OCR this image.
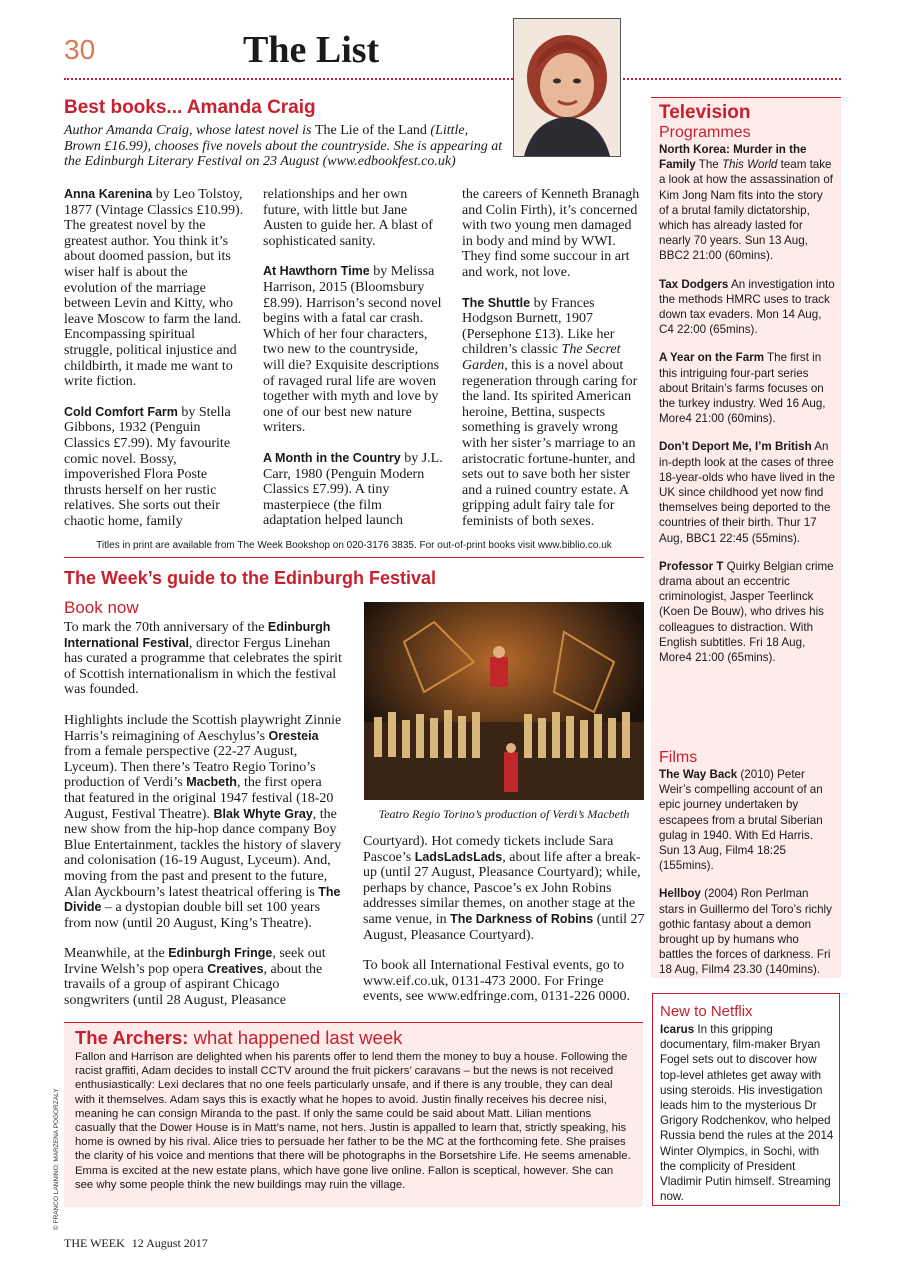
30	The List
Best books... Amanda Craig
Author Amanda Craig, whose latest novel is The Lie of the Land (Little, Brown £16.99), chooses five novels about the countryside. She is appearing at the Edinburgh Literary Festival on 23 August (www.edbookfest.co.uk)

Anna Karenina by Leo Tolstoy, 1877 (Vintage Classics £10.99). The greatest novel by the greatest author. You think it’s about doomed passion, but its wiser half is about the evolution of the marriage between Levin and Kitty, who leave Moscow to farm the land. Encompassing spiritual struggle, political injustice and childbirth, it made me want to write fiction.

Cold Comfort Farm by Stella Gibbons, 1932 (Penguin Classics £7.99). My favourite comic novel. Bossy, impoverished Flora Poste thrusts herself on her rustic relatives. She sorts out their chaotic home, family

relationships and her own future, with little but Jane Austen to guide her. A blast of sophisticated sanity.

At Hawthorn Time by Melissa Harrison, 2015 (Bloomsbury £8.99). Harrison’s second novel begins with a fatal car crash. Which of her four characters, two new to the countryside, will die? Exquisite descriptions of ravaged rural life are woven together with myth and love by one of our best new nature writers.

A Month in the Country by J.L. Carr, 1980 (Penguin Modern Classics £7.99). A tiny masterpiece (the film adaptation helped launch

the careers of Kenneth Branagh and Colin Firth), it’s concerned with two young men damaged in body and mind by WWI. They find some succour in art and work, not love.

The Shuttle by Frances Hodgson Burnett, 1907 (Persephone £13). Like her children’s classic The Secret Garden, this is a novel about regeneration through caring for the land. Its spirited American heroine, Bettina, suspects something is gravely wrong with her sister’s marriage to an aristocratic fortune-hunter, and sets out to save both her sister and a ruined country estate. A gripping adult fairy tale for feminists of both sexes.

Titles in print are available from The Week Bookshop on 020-3176 3835. For out-of-print books visit www.biblio.co.uk
The Week’s guide to the Edinburgh Festival
Book now

To mark the 70th anniversary of the Edinburgh International Festival, director Fergus Linehan has curated a programme that celebrates the spirit of Scottish internationalism in which the festival was founded.

Highlights include the Scottish playwright Zinnie Harris’s reimagining of Aeschylus’s Oresteia from a female perspective (22-27 August, Lyceum). Then there’s Teatro Regio Torino’s production of Verdi’s Macbeth, the first opera that featured in the original 1947 festival (18-20 August, Festival Theatre). Blak Whyte Gray, the new show from the hip-hop dance company Boy Blue Entertainment, tackles the history of slavery and colonisation (16-19 August, Lyceum). And, moving from the past and present to the future, Alan Ayckbourn’s latest theatrical offering is The Divide – a dystopian double bill set 100 years from now (until 20 August, King’s Theatre).

Meanwhile, at the Edinburgh Fringe, seek out Irvine Welsh’s pop opera Creatives, about the travails of a group of aspirant Chicago songwriters (until 28 August, Pleasance

Teatro Regio Torino’s production of Verdi’s Macbeth

Courtyard). Hot comedy tickets include Sara Pascoe’s LadsLadsLads, about life after a break-up (until 27 August, Pleasance Courtyard); while, perhaps by chance, Pascoe’s ex John Robins addresses similar themes, on another stage at the same venue, in The Darkness of Robins (until 27 August, Pleasance Courtyard).

To book all International Festival events, go to www.eif.co.uk, 0131-473 2000. For Fringe events, see www.edfringe.com, 0131-226 0000.

The Archers: what happened last week
Fallon and Harrison are delighted when his parents offer to lend them the money to buy a house. Following the racist graffiti, Adam decides to install CCTV around the fruit pickers’ caravans – but the news is not received enthusiastically: Lexi declares that no one feels particularly unsafe, and if there is any trouble, they can deal with it themselves. Adam says this is exactly what he hopes to avoid. Justin finally receives his decree nisi, meaning he can consign Miranda to the past. If only the same could be said about Matt. Lilian mentions casually that the Dower House is in Matt’s name, not hers. Justin is appalled to learn that, strictly speaking, his home is owned by his rival. Alice tries to persuade her father to be the MC at the forthcoming fete. She praises the clarity of his voice and mentions that there will be photographs in the Borsetshire Life. He seems amenable. Emma is excited at the new estate plans, which have gone live online. Fallon is sceptical, however. She can see why some people think the new buildings may ruin the village.
© FRANCO LANNINO; MARZENA POGORZALY
THE WEEK 12 August 2017
Television
Programmes

North Korea: Murder in the Family The This World team take a look at how the assassination of Kim Jong Nam fits into the story of a brutal family dictatorship, which has already lasted for nearly 70 years. Sun 13 Aug, BBC2 21:00 (60mins).

Tax Dodgers An investigation into the methods HMRC uses to track down tax evaders. Mon 14 Aug, C4 22:00 (65mins).

A Year on the Farm The first in this intriguing four-part series about Britain’s farms focuses on the turkey industry. Wed 16 Aug, More4 21:00 (60mins).

Don’t Deport Me, I’m British An in-depth look at the cases of three 18-year-olds who have lived in the UK since childhood yet now find themselves being deported to the countries of their birth. Thur 17 Aug, BBC1 22:45 (55mins).

Professor T Quirky Belgian crime drama about an eccentric criminologist, Jasper Teerlinck (Koen De Bouw), who drives his colleagues to distraction. With English subtitles. Fri 18 Aug, More4 21:00 (65mins).

Films

The Way Back (2010) Peter Weir’s compelling account of an epic journey undertaken by escapees from a brutal Siberian gulag in 1940. With Ed Harris. Sun 13 Aug, Film4 18:25 (155mins).

Hellboy (2004) Ron Perlman stars in Guillermo del Toro’s richly gothic fantasy about a demon brought up by humans who battles the forces of darkness. Fri 18 Aug, Film4 23.30 (140mins).

New to Netflix
Icarus In this gripping documentary, film-maker Bryan Fogel sets out to discover how top-level athletes get away with using steroids. His investigation leads him to the mysterious Dr Grigory Rodchenkov, who helped Russia bend the rules at the 2014 Winter Olympics, in Sochi, with the complicity of President Vladimir Putin himself. Streaming now.
